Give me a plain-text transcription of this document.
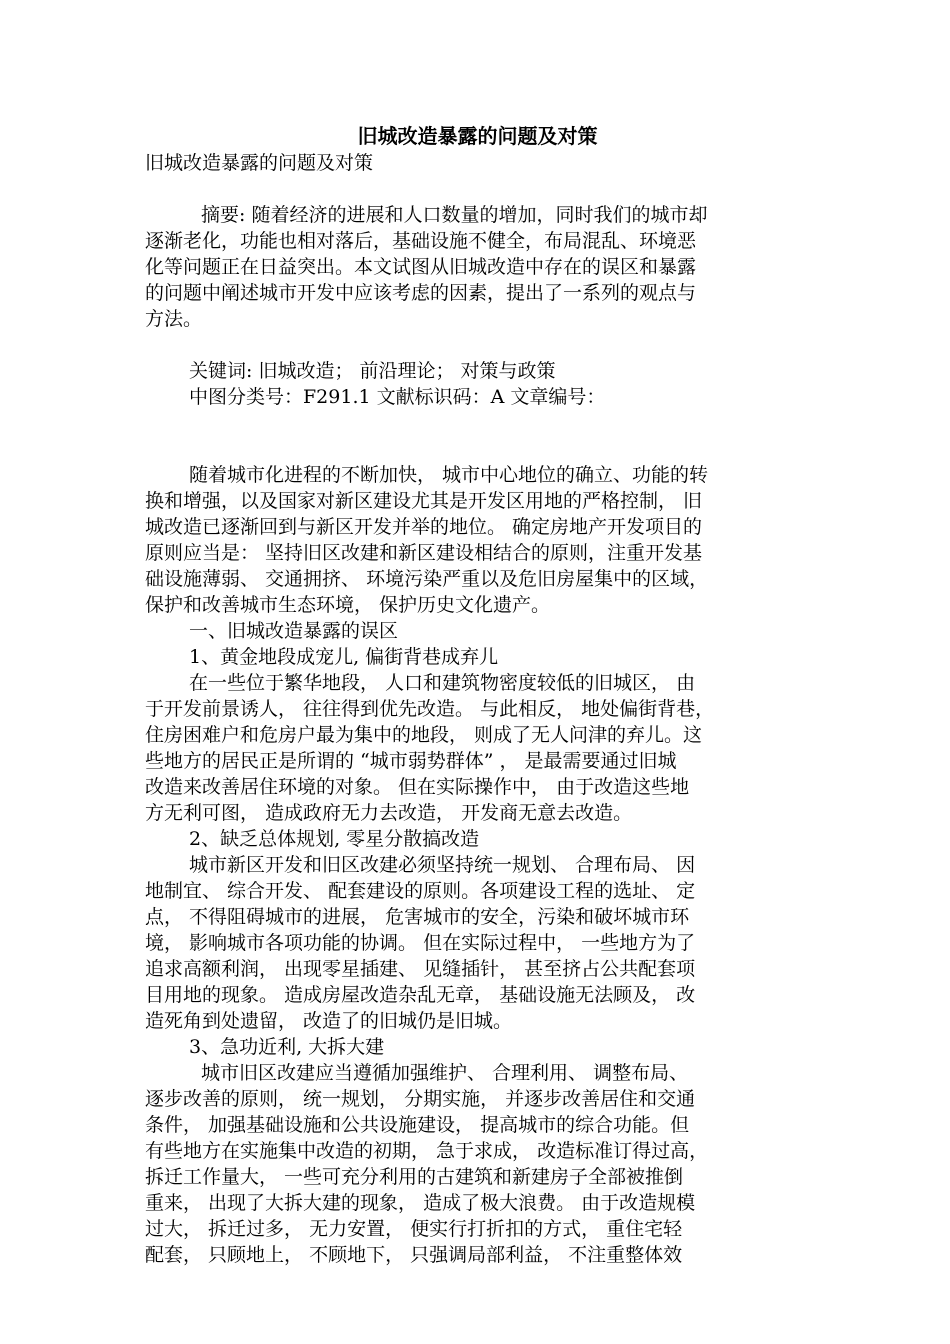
旧城改造暴露的问题及对策

旧城改造暴露的问题及对策

摘要: 随着经济的进展和人口数量的增加，同时我们的城市却
逐渐老化，功能也相对落后，基础设施不健全，布局混乱、环境恶
化等问题正在日益突出。本文试图从旧城改造中存在的误区和暴露
的问题中阐述城市开发中应该考虑的因素，提出了一系列的观点与
方法。
关键词: 旧城改造； 前沿理论； 对策与政策
中图分类号：F291.1 文献标识码：A 文章编号：
随着城市化进程的不断加快， 城市中心地位的确立、功能的转
换和增强，以及国家对新区建设尤其是开发区用地的严格控制， 旧
城改造已逐渐回到与新区开发并举的地位。 确定房地产开发项目的
原则应当是： 坚持旧区改建和新区建设相结合的原则，注重开发基
础设施薄弱、 交通拥挤、 环境污染严重以及危旧房屋集中的区域，
保护和改善城市生态环境， 保护历史文化遗产。
一、旧城改造暴露的误区
1、黄金地段成宠儿, 偏街背巷成弃儿
在一些位于繁华地段， 人口和建筑物密度较低的旧城区， 由
于开发前景诱人， 往往得到优先改造。 与此相反， 地处偏街背巷，
住房困难户和危房户最为集中的地段， 则成了无人问津的弃儿。这
些地方的居民正是所谓的 “城市弱势群体” ， 是最需要通过旧城
改造来改善居住环境的对象。 但在实际操作中， 由于改造这些地
方无利可图， 造成政府无力去改造， 开发商无意去改造。
2、缺乏总体规划, 零星分散搞改造
城市新区开发和旧区改建必须坚持统一规划、 合理布局、 因
地制宜、 综合开发、 配套建设的原则。各项建设工程的选址、 定
点， 不得阻碍城市的进展， 危害城市的安全，污染和破坏城市环
境， 影响城市各项功能的协调。 但在实际过程中， 一些地方为了
追求高额利润， 出现零星插建、 见缝插针， 甚至挤占公共配套项
目用地的现象。 造成房屋改造杂乱无章， 基础设施无法顾及， 改
造死角到处遗留， 改造了的旧城仍是旧城。
3、急功近利, 大拆大建
城市旧区改建应当遵循加强维护、 合理利用、 调整布局、
逐步改善的原则， 统一规划， 分期实施， 并逐步改善居住和交通
条件， 加强基础设施和公共设施建设， 提高城市的综合功能。但
有些地方在实施集中改造的初期， 急于求成， 改造标准订得过高，
拆迁工作量大， 一些可充分利用的古建筑和新建房子全部被推倒
重来， 出现了大拆大建的现象， 造成了极大浪费。 由于改造规模
过大， 拆迁过多， 无力安置， 便实行打折扣的方式， 重住宅轻
配套， 只顾地上， 不顾地下， 只强调局部利益， 不注重整体效
